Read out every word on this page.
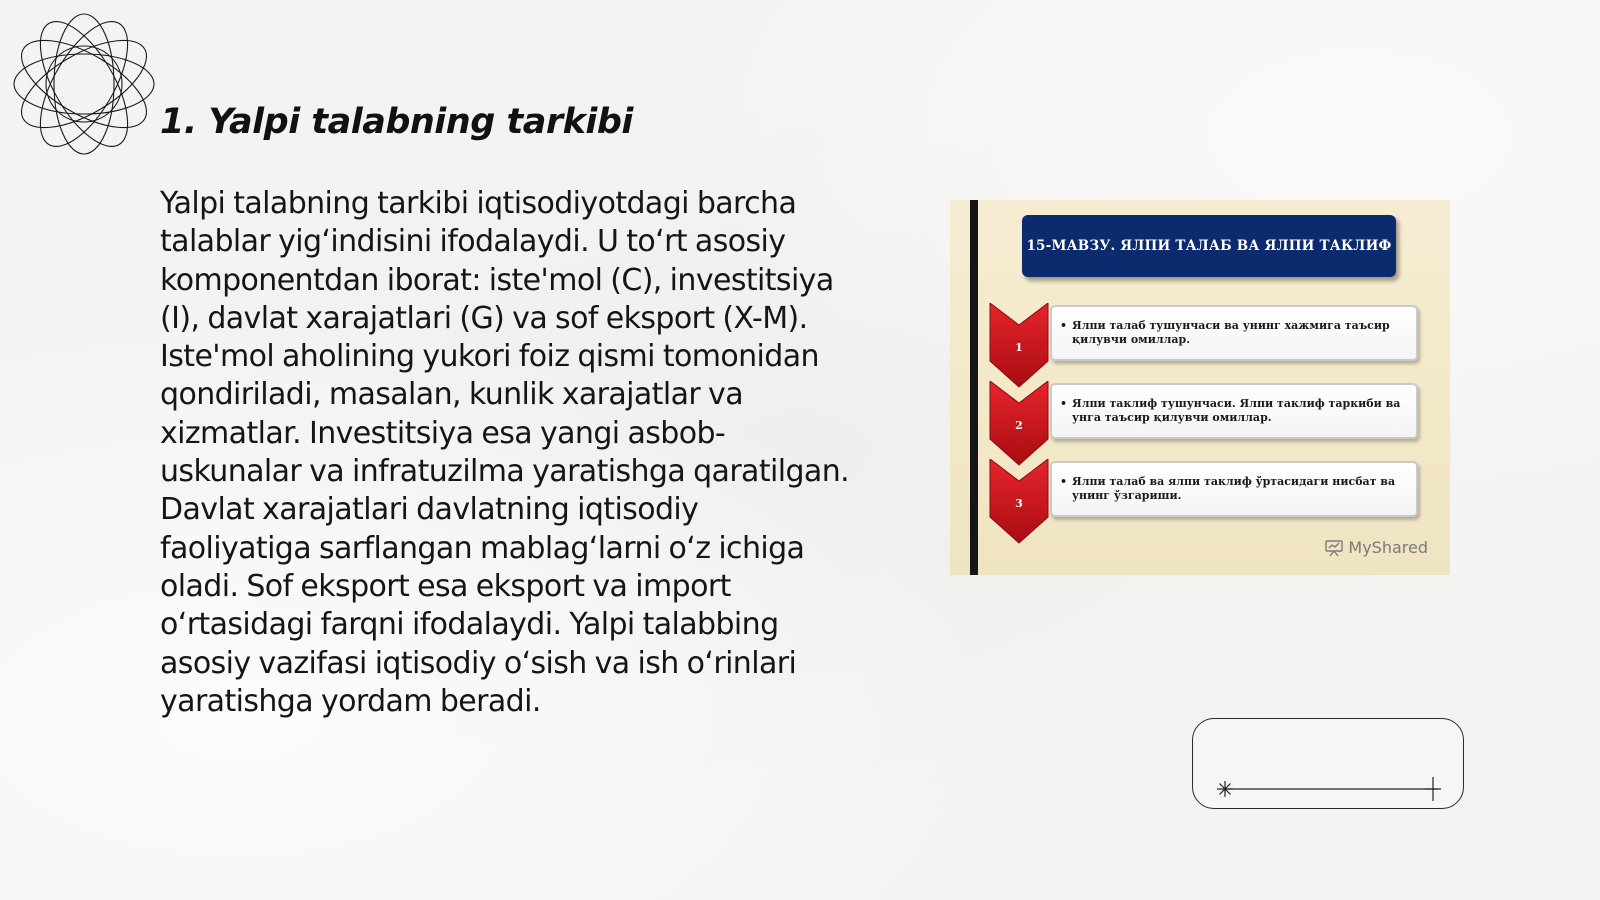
1. Yalpi talabning tarkibi

Yalpi talabning tarkibi iqtisodiyotdagi barcha talablar yigʻindisini ifodalaydi. U toʻrt asosiy komponentdan iborat: iste'mol (C), investitsiya (I), davlat xarajatlari (G) va sof eksport (X-M). Iste'mol aholining yukori foiz qismi tomonidan qondiriladi, masalan, kunlik xarajatlar va xizmatlar. Investitsiya esa yangi asbob-uskunalar va infratuzilma yaratishga qaratilgan. Davlat xarajatlari davlatning iqtisodiy faoliyatiga sarflangan mablagʻlarni oʻz ichiga oladi. Sof eksport esa eksport va import oʻrtasidagi farqni ifodalaydi. Yalpi talabbing asosiy vazifasi iqtisodiy oʻsish va ish oʻrinlari yaratishga yordam beradi.

15-МАВЗУ. ЯЛПИ ТАЛАБ ВА ЯЛПИ ТАКЛИФ
1
• Ялпи талаб тушунчаси ва унинг хажмига таъсир қилувчи омиллар.
2
• Ялпи таклиф тушунчаси. Ялпи таклиф таркиби ва унга таъсир қилувчи омиллар.
3
• Ялпи талаб ва ялпи таклиф ўртасидаги нисбат ва унинг ўзгариши.
MyShared
